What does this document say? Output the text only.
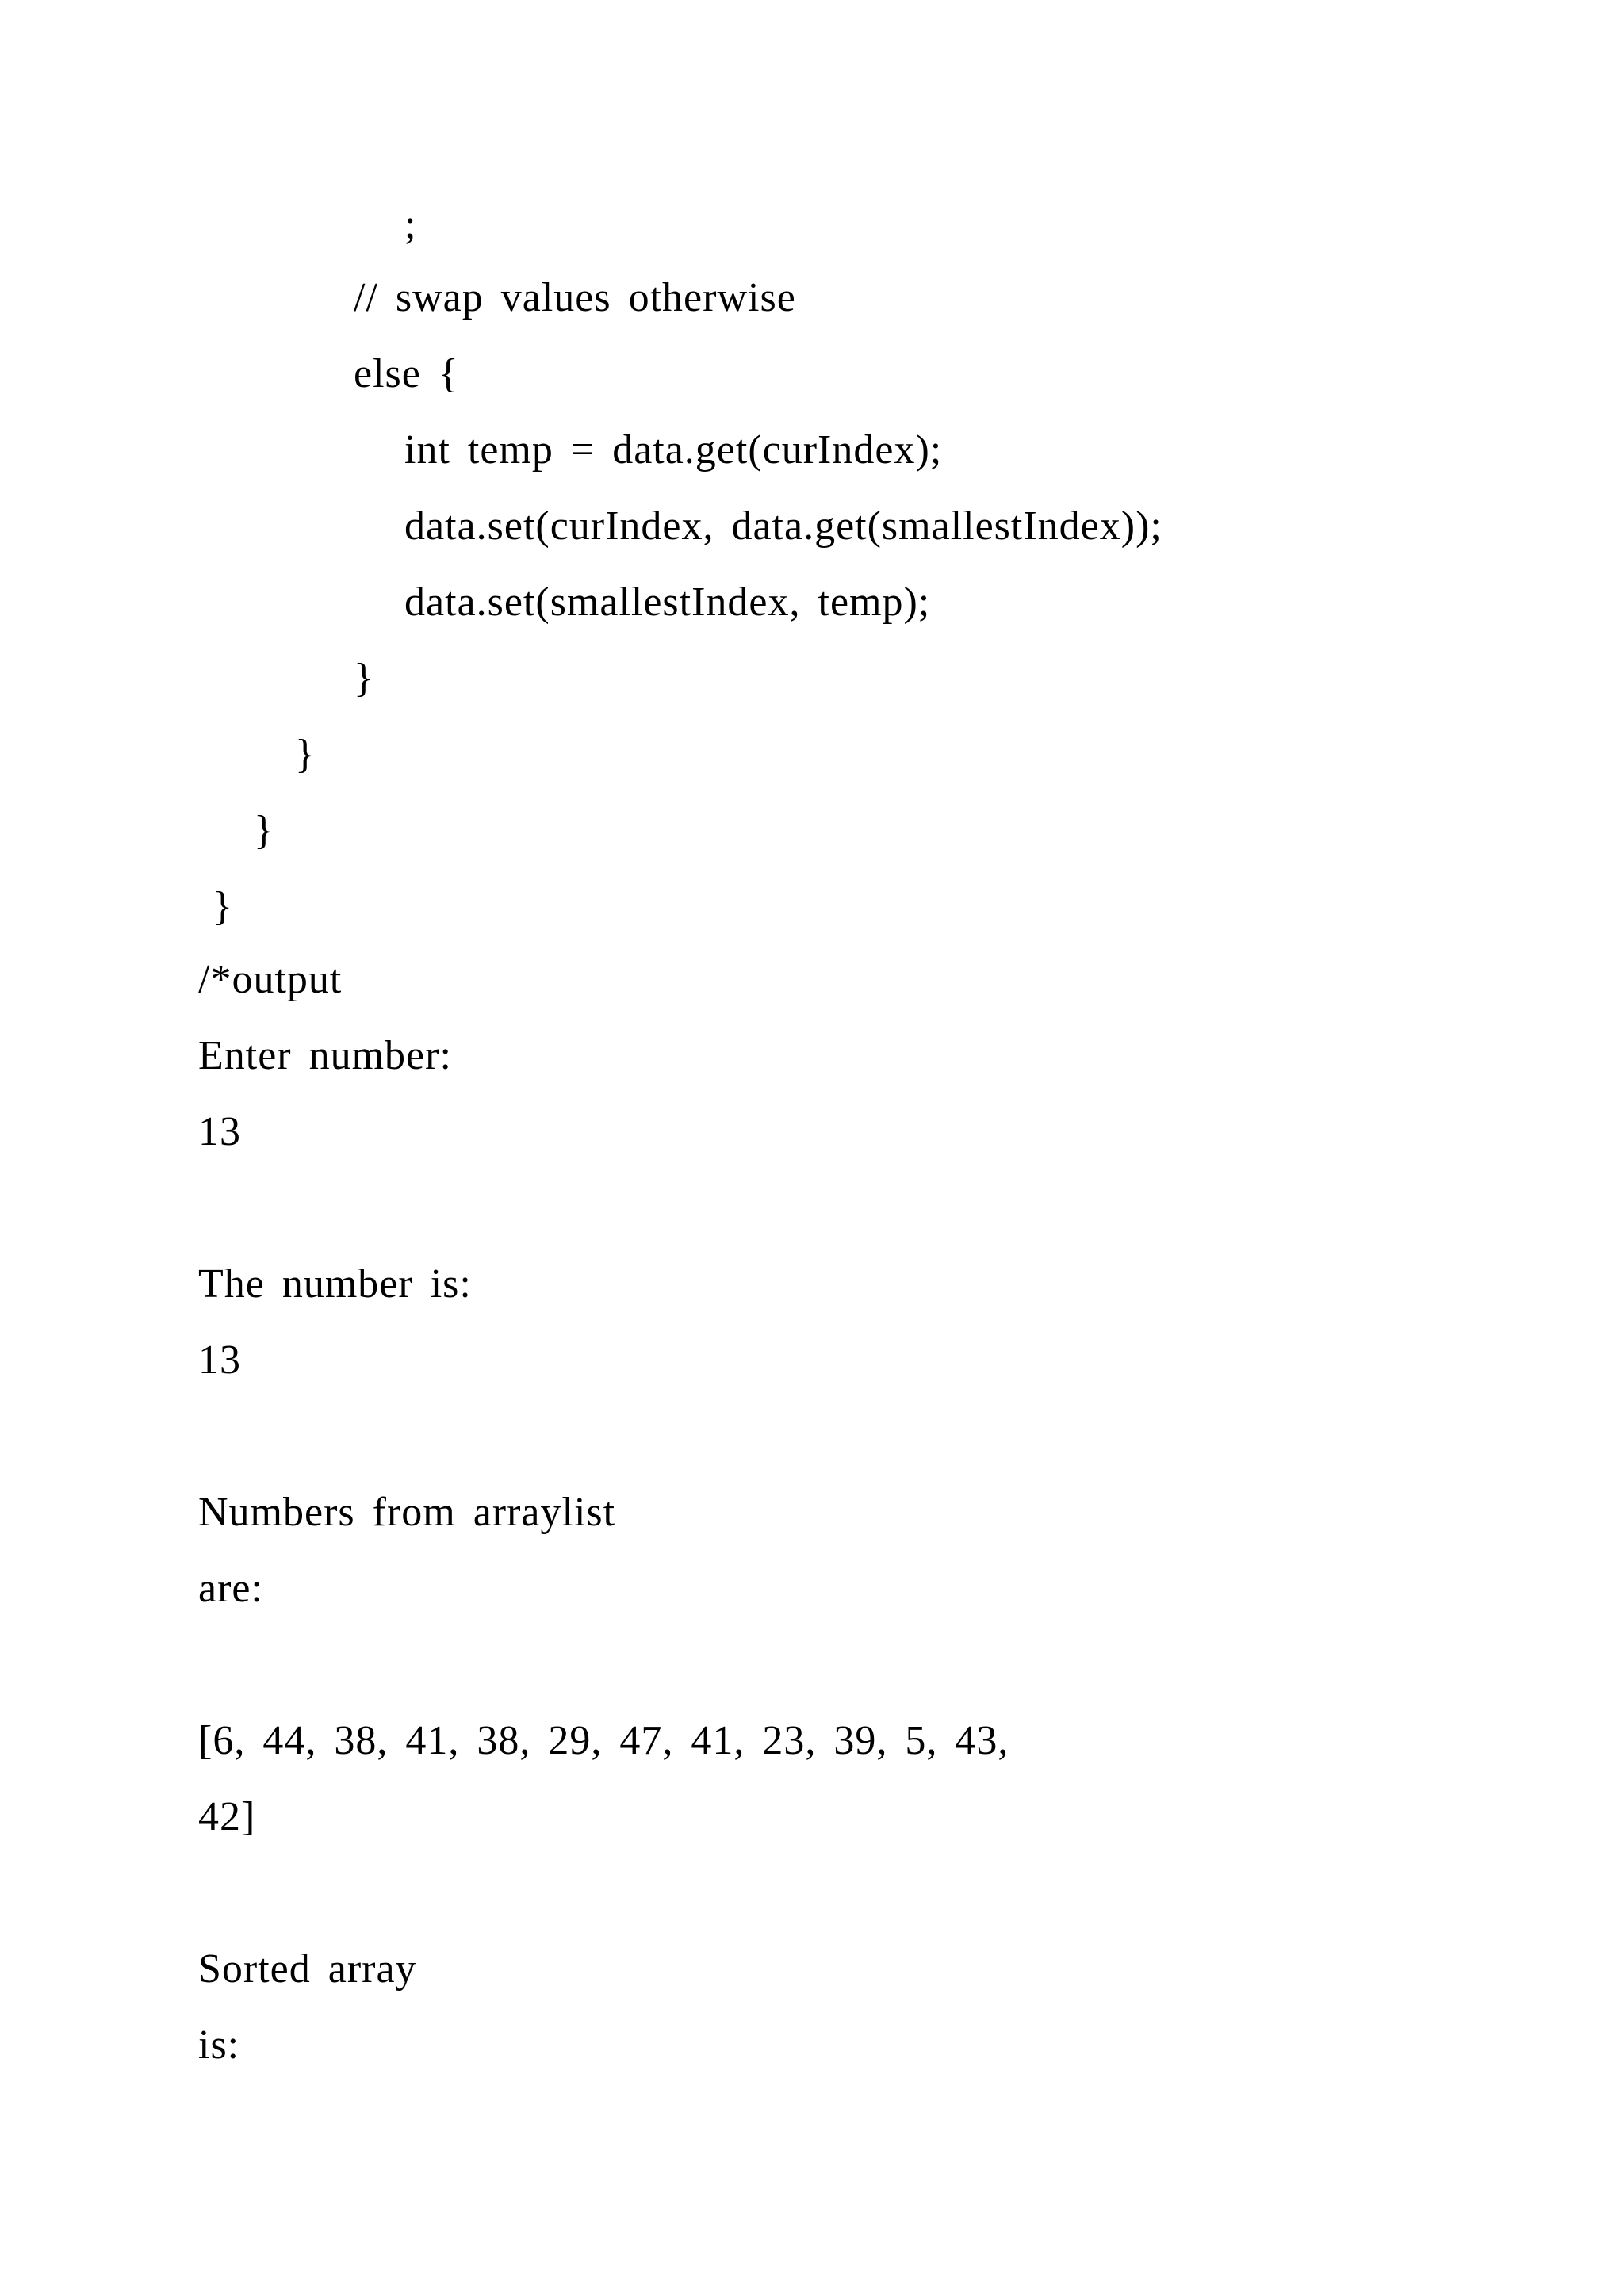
;
// swap values otherwise
else {
int temp = data.get(curIndex);
data.set(curIndex, data.get(smallestIndex));
data.set(smallestIndex, temp);
}
}
}
}
/*output
Enter number:
13
The number is:
13
Numbers from arraylist
are:
[6, 44, 38, 41, 38, 29, 47, 41, 23, 39, 5, 43,
42]
Sorted array
is:
